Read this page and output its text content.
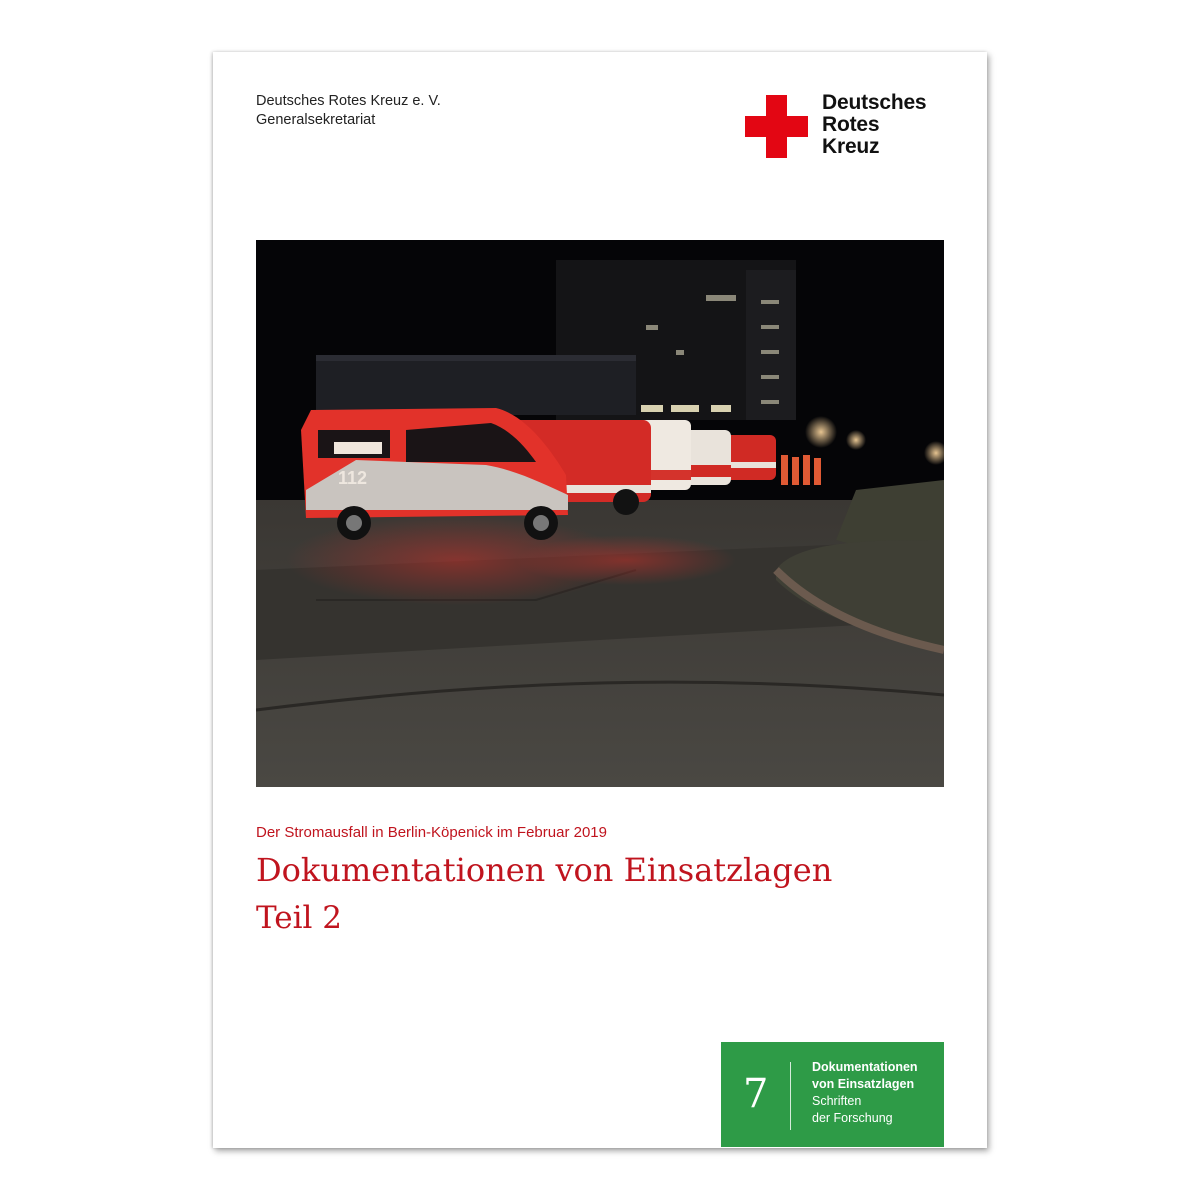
Deutsches Rotes Kreuz e. V.
Generalsekretariat
Deutsches
Rotes
Kreuz
112
Der Stromausfall in Berlin-Köpenick im Februar 2019
Dokumentationen von Einsatzlagen
Teil 2
7
Dokumentationen
von Einsatzlagen
Schriften
der Forschung
